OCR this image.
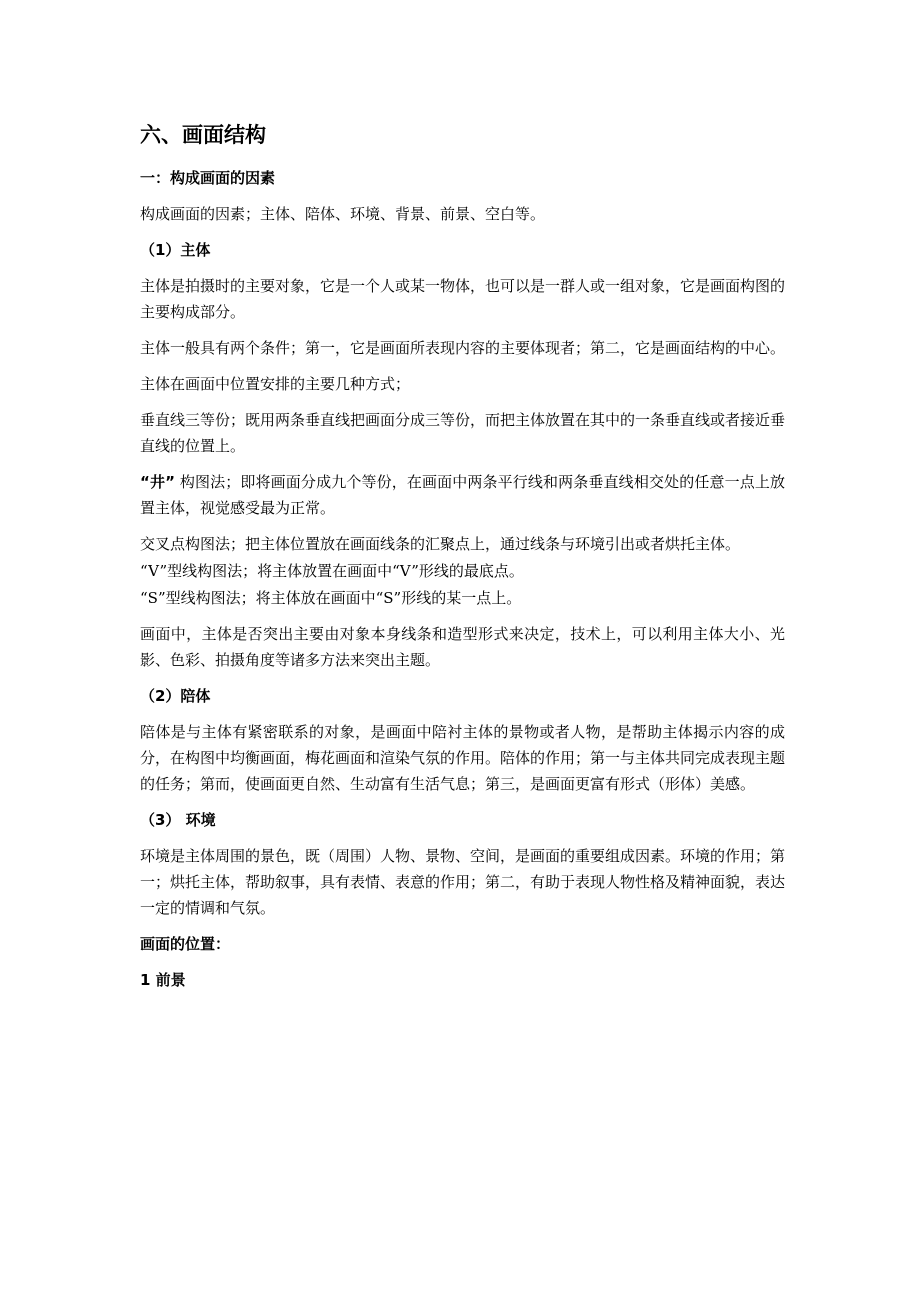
六、画面结构

一：构成画面的因素

构成画面的因素；主体、陪体、环境、背景、前景、空白等。

（1）主体

主体是拍摄时的主要对象，它是一个人或某一物体，也可以是一群人或一组对象，它是画面构图的主要构成部分。

主体一般具有两个条件；第一，它是画面所表现内容的主要体现者；第二，它是画面结构的中心。

主体在画面中位置安排的主要几种方式；

垂直线三等份；既用两条垂直线把画面分成三等份，而把主体放置在其中的一条垂直线或者接近垂直线的位置上。

“井” 构图法；即将画面分成九个等份，在画面中两条平行线和两条垂直线相交处的任意一点上放置主体，视觉感受最为正常。

交叉点构图法；把主体位置放在画面线条的汇聚点上，通过线条与环境引出或者烘托主体。

“V”型线构图法；将主体放置在画面中“V”形线的最底点。

“S”型线构图法；将主体放在画面中“S”形线的某一点上。

画面中，主体是否突出主要由对象本身线条和造型形式来决定，技术上，可以利用主体大小、光影、色彩、拍摄角度等诸多方法来突出主题。

（2）陪体

陪体是与主体有紧密联系的对象，是画面中陪衬主体的景物或者人物，是帮助主体揭示内容的成分，在构图中均衡画面，梅花画面和渲染气氛的作用。陪体的作用；第一与主体共同完成表现主题的任务；第而，使画面更自然、生动富有生活气息；第三，是画面更富有形式（形体）美感。

（3） 环境

环境是主体周围的景色，既（周围）人物、景物、空间，是画面的重要组成因素。环境的作用；第一；烘托主体，帮助叙事，具有表情、表意的作用；第二，有助于表现人物性格及精神面貌，表达一定的情调和气氛。

画面的位置：

1 前景
